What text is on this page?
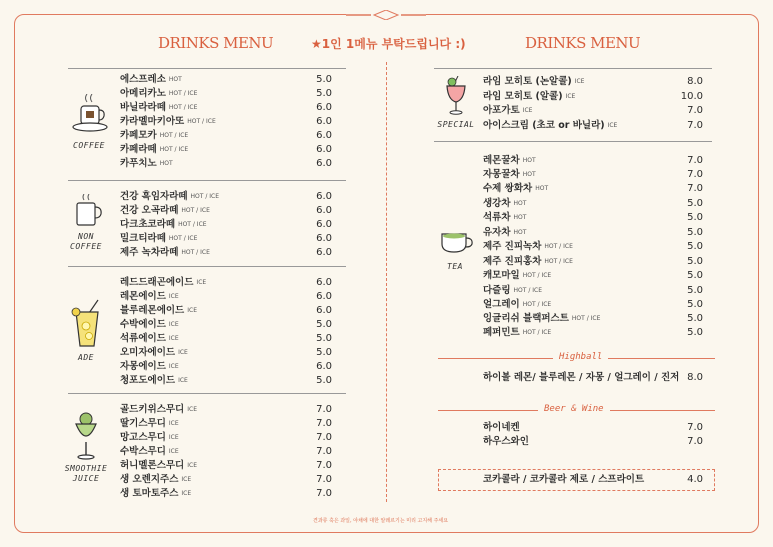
DRINKS MENU	★1인 1메뉴 부탁드립니다 :)	DRINKS MENU
COFFEE
NON
COFFEE
ADE
SMOOTHIE
JUICE
SPECIAL
TEA
에스프레소 HOT	5.0
아메리카노 HOT / ICE	5.0
바닐라라떼 HOT / ICE	6.0
카라멜마키아또 HOT / ICE	6.0
카페모카 HOT / ICE	6.0
카페라떼 HOT / ICE	6.0
카푸치노 HOT	6.0
건강 흑임자라떼 HOT / ICE	6.0
건강 오곡라떼 HOT / ICE	6.0
다크초코라떼 HOT / ICE	6.0
밀크티라떼 HOT / ICE	6.0
제주 녹차라떼 HOT / ICE	6.0
레드드래곤에이드 ICE	6.0
레몬에이드 ICE	6.0
블루레몬에이드 ICE	6.0
수박에이드 ICE	5.0
석류에이드 ICE	5.0
오미자에이드 ICE	5.0
자몽에이드 ICE	6.0
청포도에이드 ICE	5.0
골드키위스무디 ICE	7.0
딸기스무디 ICE	7.0
망고스무디 ICE	7.0
수박스무디 ICE	7.0
허니멜론스무디 ICE	7.0
생 오렌지주스 ICE	7.0
생 토마토주스 ICE	7.0
라임 모히토 (논알콜) ICE	8.0
라임 모히토 (알콜) ICE	10.0
아포가토 ICE	7.0
아이스크림 (초코 or 바닐라) ICE	7.0
레몬꿀차 HOT	7.0
자몽꿀차 HOT	7.0
수제 쌍화차 HOT	7.0
생강차 HOT	5.0
석류차 HOT	5.0
유자차 HOT	5.0
제주 진피녹차 HOT / ICE	5.0
제주 진피홍차 HOT / ICE	5.0
캐모마일 HOT / ICE	5.0
다즐링 HOT / ICE	5.0
얼그레이 HOT / ICE	5.0
잉글리쉬 블랙퍼스트 HOT / ICE	5.0
페퍼민트 HOT / ICE	5.0
Highball
하이볼 레몬/ 블루레몬 / 자몽 / 얼그레이 / 진저 8.0
Beer & Wine
하이네켄	7.0
하우스와인	7.0
코카콜라 / 코카콜라 제로 / 스프라이트	4.0
견과류 혹은 과일, 야채에 대한 알레르기는 미리 고지해 주세요
